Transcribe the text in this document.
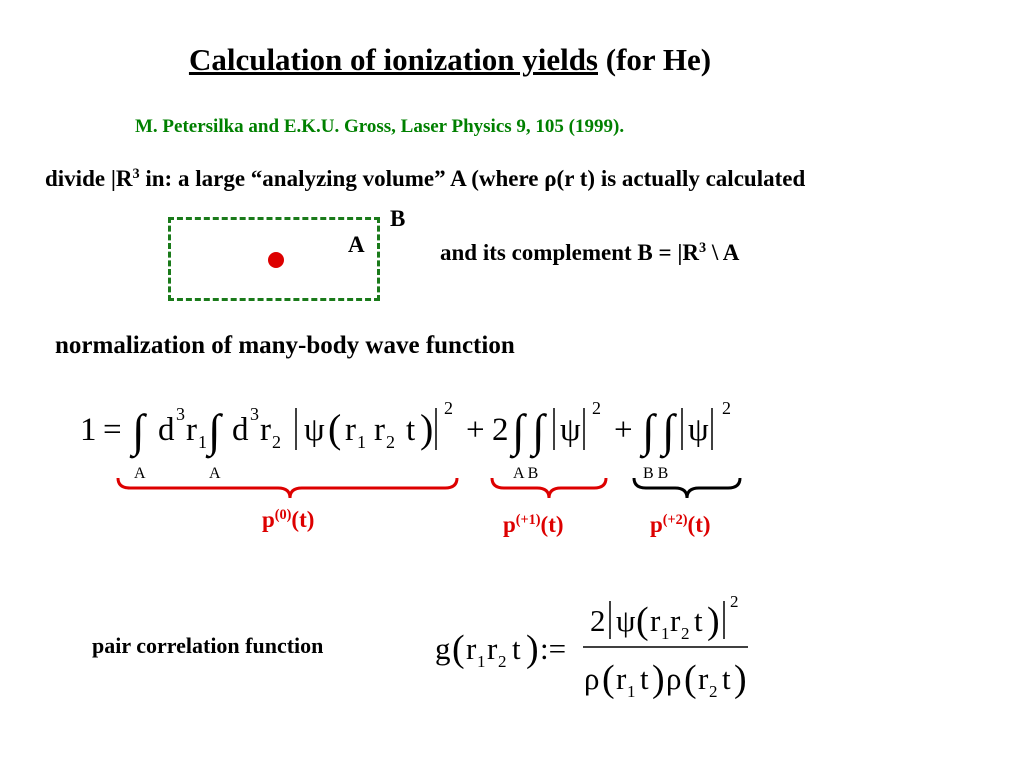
Calculation of ionization yields (for He)
M. Petersilka and E.K.U. Gross, Laser Physics 9, 105 (1999).
divide $|R^3$ in: a large “analyzing volume” A (where ρ(r t) is actually calculated
A
B
and its complement $B = |R^3$ \ A
normalization of many-body wave function
1 = ∫ d 3 r 1 ∫ d 3 r 2 ψ ( r 1 r 2 t ) 2
+ 2 ∫ ∫ ψ
2
+ ∫ ∫ ψ
2
A	A	A B	B B
$p^{(0)}(t)$	$p^{(+1)}(t)$	$p^{(+2)}(t)$
pair correlation function	g ( r 1 r 2 t ) :=
2 ψ ( r 1 r 2 t ) 2
ρ ( r 1 t ) ρ ( r 2 t )
